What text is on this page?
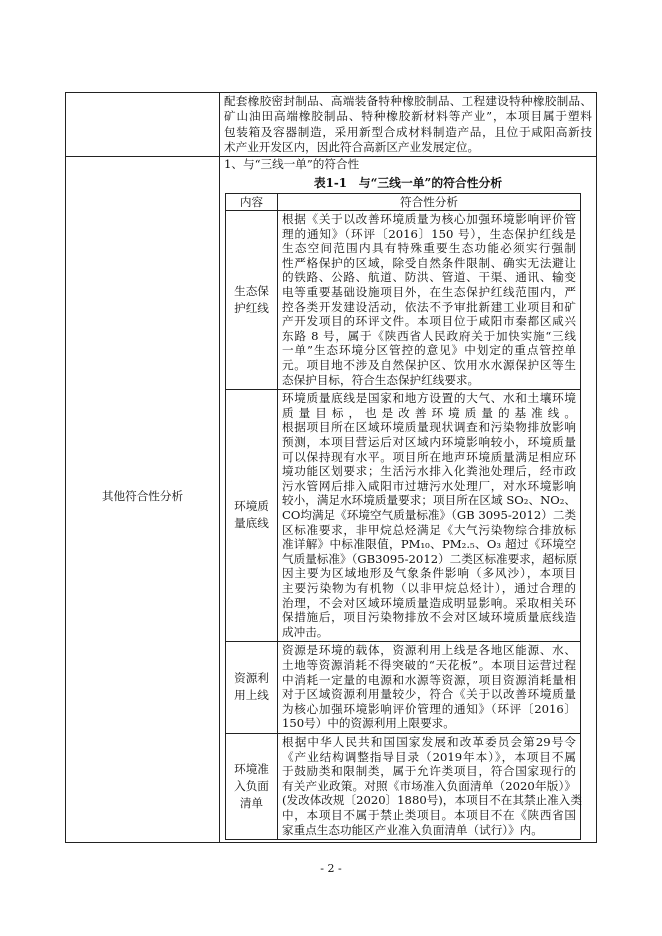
配套橡胶密封制品、高端装备特种橡胶制品、工程建设特种橡胶制品、
矿山油田高端橡胶制品、特种橡胶新材料等产业”，本项目属于塑料
包装箱及容器制造，采用新型合成材料制造产品，且位于咸阳高新技
术产业开发区内，因此符合高新区产业发展定位。
其他符合性分析
1、与“三线一单”的符合性
表1-1　与“三线一单”的符合性分析
内容	符合性分析
生态保
护红线
根据《关于以改善环境质量为核心加强环境影响评价管
理的通知》（环评〔2016〕150 号），生态保护红线是
生态空间范围内具有特殊重要生态功能必须实行强制
性严格保护的区域，除受自然条件限制、确实无法避让
的铁路、公路、航道、防洪、管道、干渠、通讯、输变
电等重要基础设施项目外，在生态保护红线范围内，严
控各类开发建设活动，依法不予审批新建工业项目和矿
产开发项目的环评文件。本项目位于咸阳市秦都区咸兴
东路 8 号，属于《陕西省人民政府关于加快实施“三线
一单”生态环境分区管控的意见》中划定的重点管控单
元。项目地不涉及自然保护区、饮用水水源保护区等生
态保护目标，符合生态保护红线要求。
环境质
量底线
环境质量底线是国家和地方设置的大气、水和土壤环境
质量目标，也是改善环境质量的基准线。
根据项目所在区域环境质量现状调查和污染物排放影响
预测，本项目营运后对区域内环境影响较小，环境质量
可以保持现有水平。项目所在地声环境质量满足相应环
境功能区划要求；生活污水排入化粪池处理后，经市政
污水管网后排入咸阳市过塘污水处理厂，对水环境影响
较小，满足水环境质量要求；项目所在区域 SO₂、NO₂、
CO均满足《环境空气质量标准》（GB 3095-2012）二类
区标准要求，非甲烷总烃满足《大气污染物综合排放标
准详解》中标准限值，PM₁₀、PM₂.₅、O₃ 超过《环境空
气质量标准》（GB3095-2012）二类区标准要求，超标原
因主要为区域地形及气象条件影响（多风沙），本项目
主要污染物为有机物（以非甲烷总烃计），通过合理的
治理，不会对区域环境质量造成明显影响。采取相关环
保措施后，项目污染物排放不会对区域环境质量底线造
成冲击。
资源利
用上线
资源是环境的载体，资源利用上线是各地区能源、水、
土地等资源消耗不得突破的“天花板”。本项目运营过程
中消耗一定量的电源和水源等资源，项目资源消耗量相
对于区域资源利用量较少，符合《关于以改善环境质量
为核心加强环境影响评价管理的通知》（环评〔2016〕
150号）中的资源利用上限要求。
环境准
入负面
清单
根据中华人民共和国国家发展和改革委员会第29号令
《产业结构调整指导目录（2019年本）》，本项目不属
于鼓励类和限制类，属于允许类项目，符合国家现行的
有关产业政策。对照《市场准入负面清单（2020年版）》
(发改体改规〔2020〕1880号)，本项目不在其禁止准入类
中，本项目不属于禁止类项目。本项目不在《陕西省国
家重点生态功能区产业准入负面清单（试行）》内。
- 2 -
